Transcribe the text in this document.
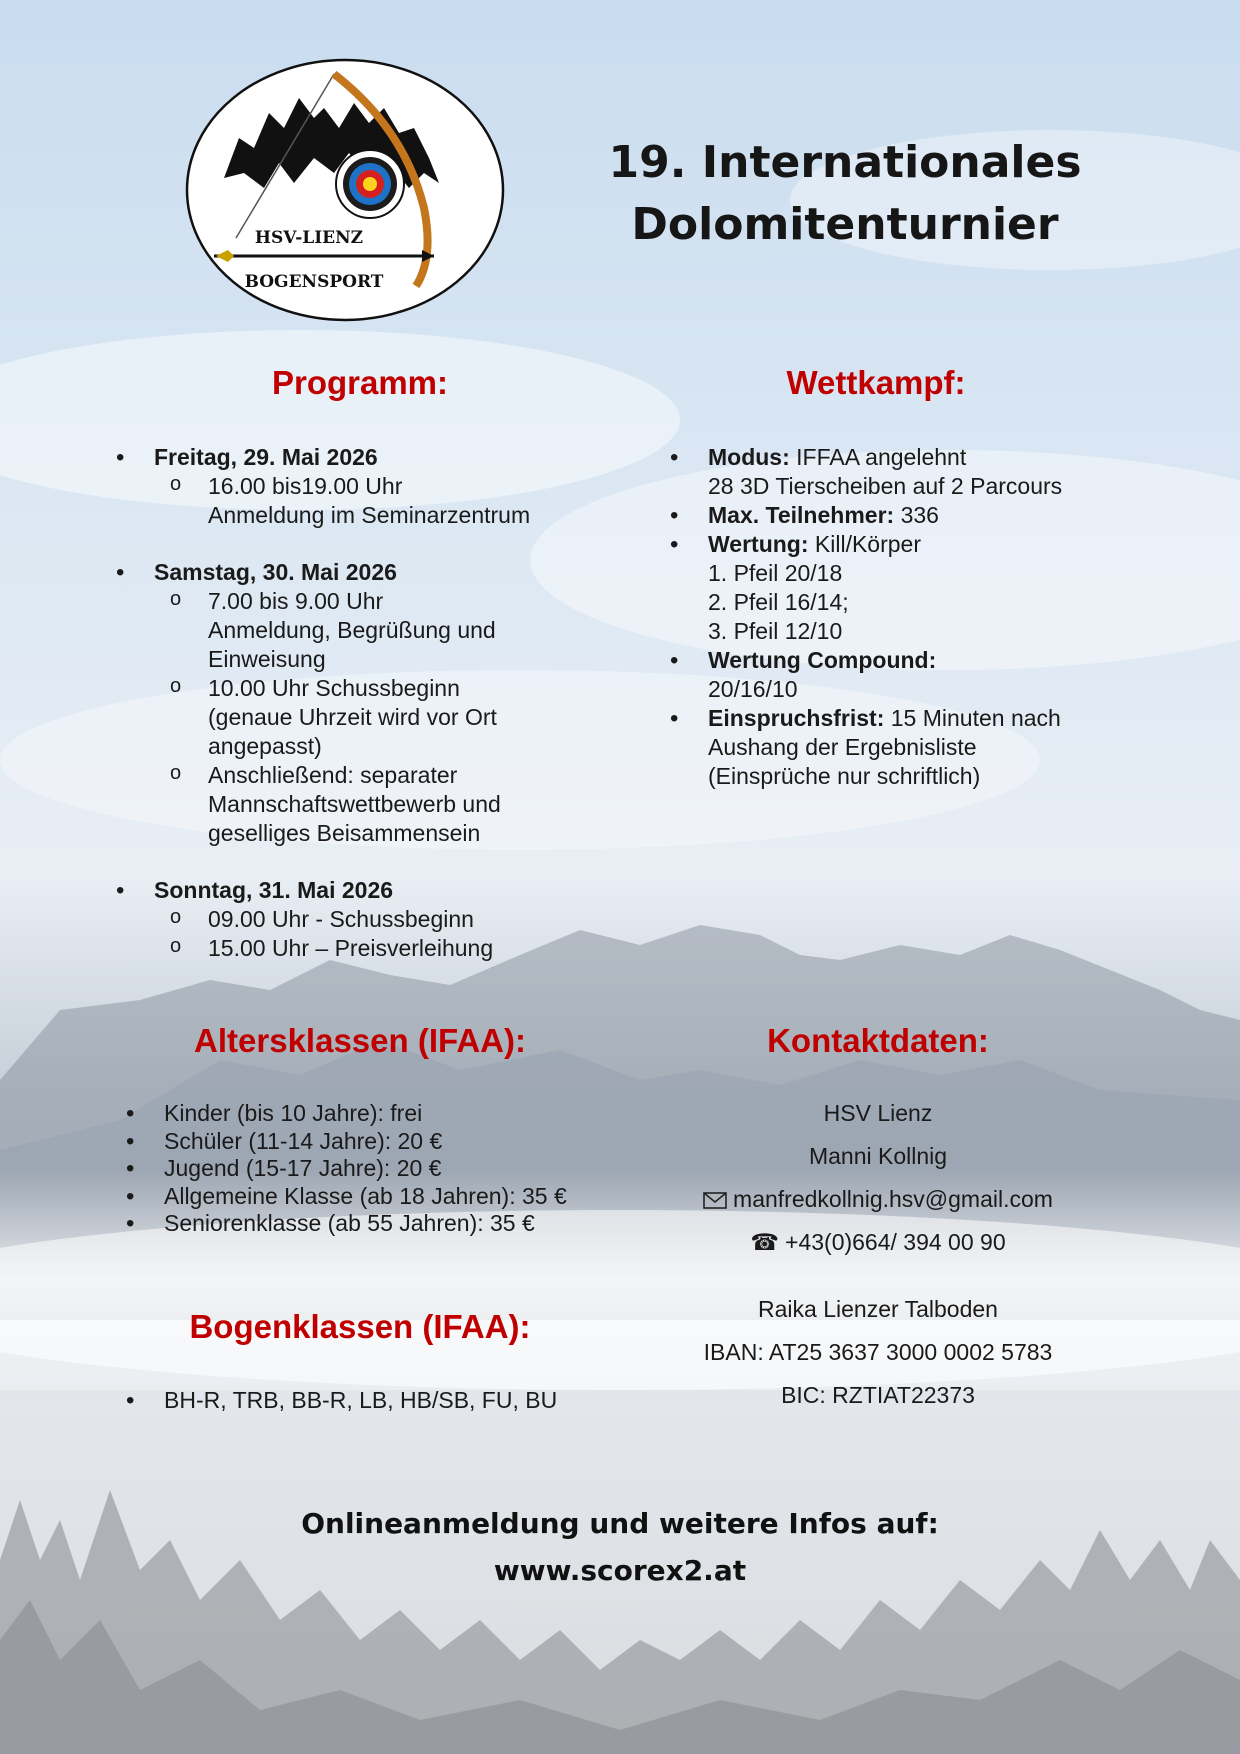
HSV-LIENZ
BOGENSPORT
19. Internationales
Dolomitenturnier
Programm:
• Freitag, 29. Mai 2026
o 16.00 bis19.00 Uhr
Anmeldung im Seminarzentrum
• Samstag, 30. Mai 2026
o 7.00 bis 9.00 Uhr
Anmeldung, Begrüßung und
Einweisung
o 10.00 Uhr Schussbeginn
(genaue Uhrzeit wird vor Ort
angepasst)
o Anschließend: separater
Mannschaftswettbewerb und
geselliges Beisammensein
• Sonntag, 31. Mai 2026
o 09.00 Uhr - Schussbeginn
o 15.00 Uhr – Preisverleihung
Wettkampf:
• Modus: IFFAA angelehnt
28 3D Tierscheiben auf 2 Parcours
• Max. Teilnehmer: 336
• Wertung: Kill/Körper
1. Pfeil 20/18
2. Pfeil 16/14;
3. Pfeil 12/10
• Wertung Compound:
20/16/10
• Einspruchsfrist: 15 Minuten nach
Aushang der Ergebnisliste
(Einsprüche nur schriftlich)
Altersklassen (IFAA):
• Kinder (bis 10 Jahre): frei
• Schüler (11-14 Jahre): 20 €
• Jugend (15-17 Jahre): 20 €
• Allgemeine Klasse (ab 18 Jahren): 35 €
• Seniorenklasse (ab 55 Jahren): 35 €
Bogenklassen (IFAA):
• BH-R, TRB, BB-R, LB, HB/SB, FU, BU
Kontaktdaten:
HSV Lienz
Manni Kollnig
manfredkollnig.hsv@gmail.com
☎ +43(0)664/ 394 00 90
Raika Lienzer Talboden
IBAN: AT25 3637 3000 0002 5783
BIC: RZTIAT22373
Onlineanmeldung und weitere Infos auf:
www.scorex2.at
